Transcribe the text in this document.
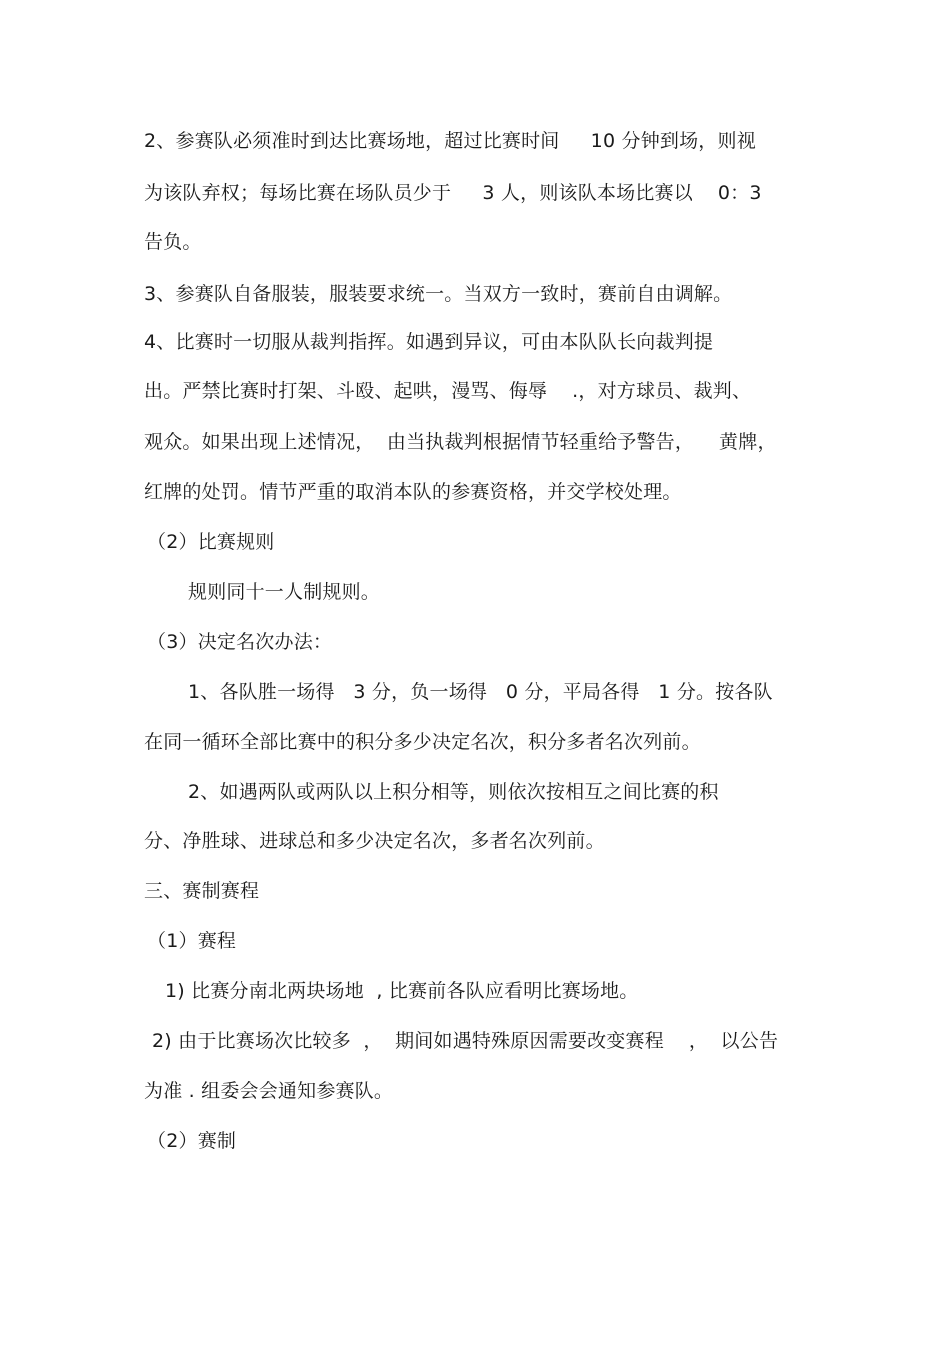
2、参赛队必须准时到达比赛场地，超过比赛时间     10 分钟到场，则视
为该队弃权；每场比赛在场队员少于     3 人，则该队本场比赛以    0：3
告负。
3、参赛队自备服装，服装要求统一。当双方一致时，赛前自由调解。
4、比赛时一切服从裁判指挥。如遇到异议，可由本队队长向裁判提
出。严禁比赛时打架、斗殴、起哄，漫骂、侮辱    .，对方球员、裁判、
观众。如果出现上述情况，  由当执裁判根据情节轻重给予警告，    黄牌，
红牌的处罚。情节严重的取消本队的参赛资格，并交学校处理。
（2）比赛规则
规则同十一人制规则。
（3）决定名次办法：
1、各队胜一场得   3 分，负一场得   0 分，平局各得   1 分。按各队
在同一循环全部比赛中的积分多少决定名次，积分多者名次列前。
2、如遇两队或两队以上积分相等，则依次按相互之间比赛的积
分、净胜球、进球总和多少决定名次，多者名次列前。
三、赛制赛程
（1）赛程
1) 比赛分南北两块场地  , 比赛前各队应看明比赛场地。
2) 由于比赛场次比较多  ，  期间如遇特殊原因需要改变赛程    ，  以公告
为准 . 组委会会通知参赛队。
（2）赛制
